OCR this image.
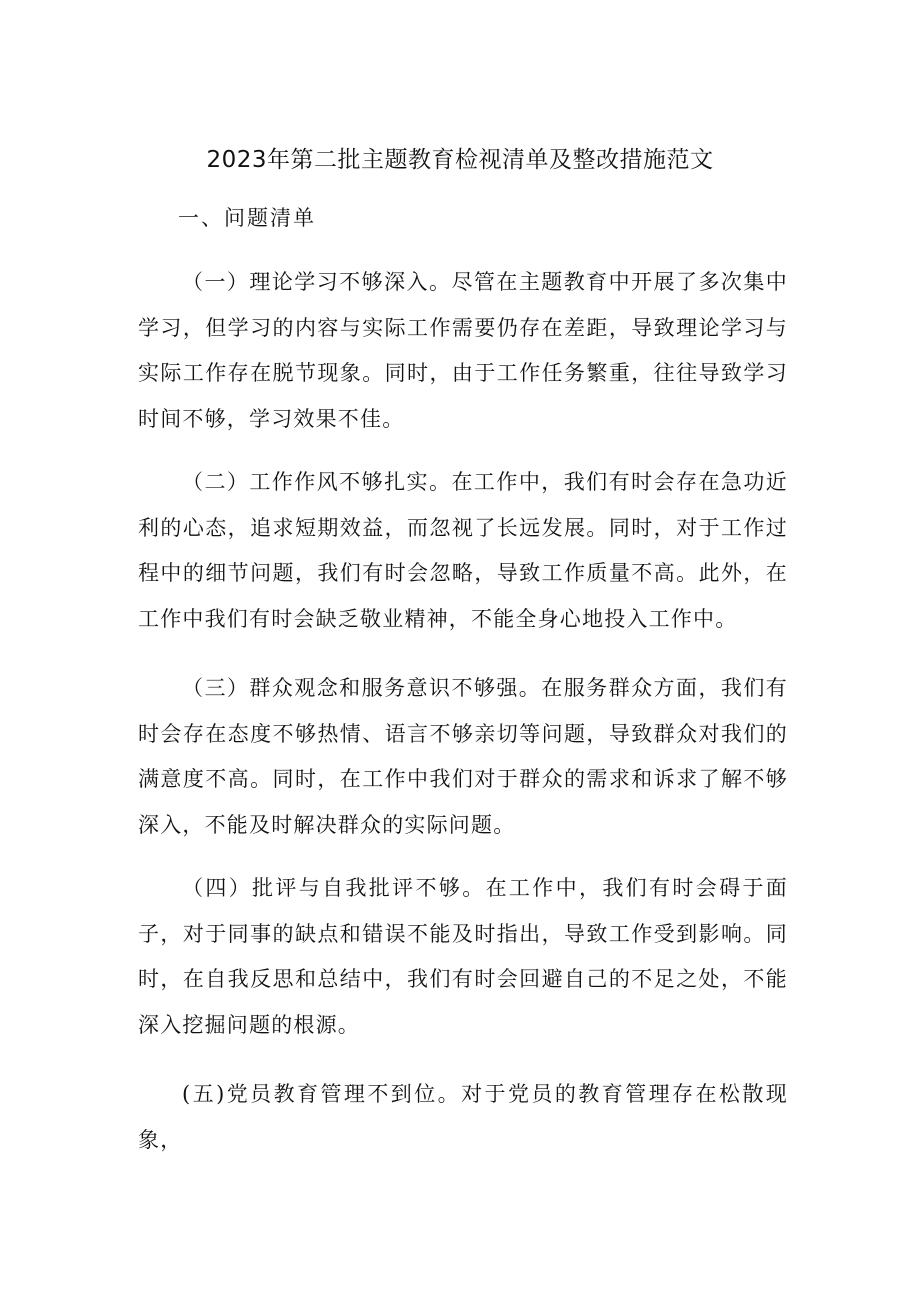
2023年第二批主题教育检视清单及整改措施范文
一、问题清单

（一）理论学习不够深入。尽管在主题教育中开展了多次集中学习，但学习的内容与实际工作需要仍存在差距，导致理论学习与实际工作存在脱节现象。同时，由于工作任务繁重，往往导致学习时间不够，学习效果不佳。

（二）工作作风不够扎实。在工作中，我们有时会存在急功近利的心态，追求短期效益，而忽视了长远发展。同时，对于工作过程中的细节问题，我们有时会忽略，导致工作质量不高。此外，在工作中我们有时会缺乏敬业精神，不能全身心地投入工作中。

（三）群众观念和服务意识不够强。在服务群众方面，我们有时会存在态度不够热情、语言不够亲切等问题，导致群众对我们的满意度不高。同时，在工作中我们对于群众的需求和诉求了解不够深入，不能及时解决群众的实际问题。

（四）批评与自我批评不够。在工作中，我们有时会碍于面子，对于同事的缺点和错误不能及时指出，导致工作受到影响。同时，在自我反思和总结中，我们有时会回避自己的不足之处，不能深入挖掘问题的根源。

(五)党员教育管理不到位。对于党员的教育管理存在松散现象，
